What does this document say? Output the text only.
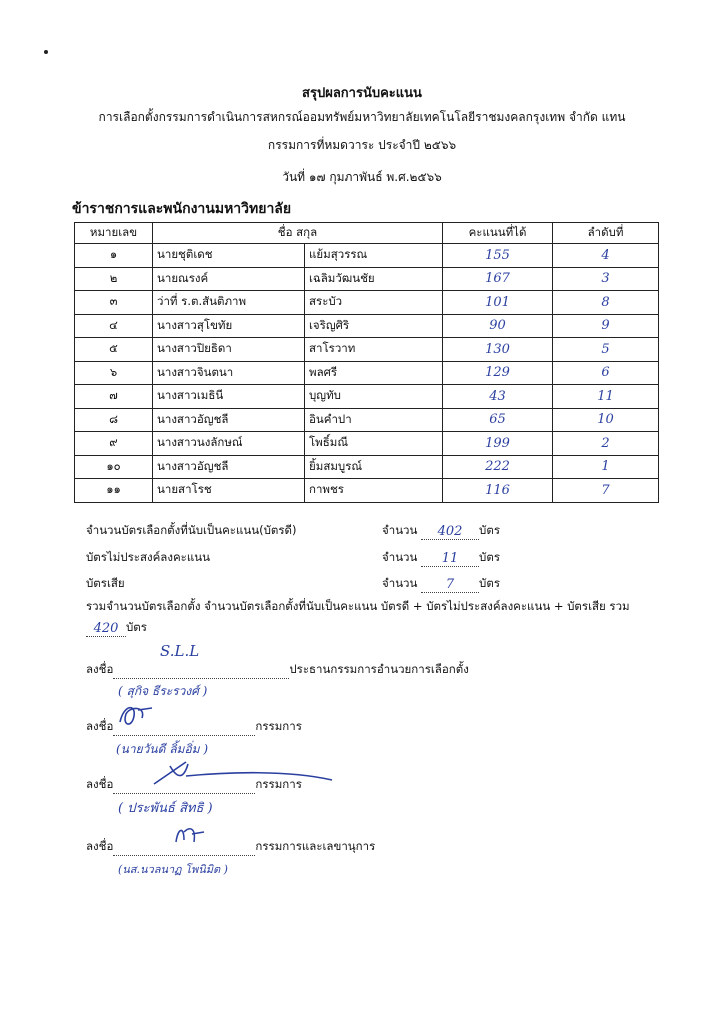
สรุปผลการนับคะแนน
การเลือกตั้งกรรมการดำเนินการสหกรณ์ออมทรัพย์มหาวิทยาลัยเทคโนโลยีราชมงคลกรุงเทพ จำกัด แทน
กรรมการที่หมดวาระ ประจำปี ๒๕๖๖
วันที่ ๑๗ กุมภาพันธ์ พ.ศ.๒๕๖๖
ข้าราชการและพนักงานมหาวิทยาลัย
หมายเลข	ชื่อ สกุล		คะแนนที่ได้	ลำดับที่
๑	นายชุติเดช	แย้มสุวรรณ	155	4
๒	นายณรงค์	เฉลิมวัฒนชัย	167	3
๓	ว่าที่ ร.ต.สันติภาพ	สระบัว	101	8
๔	นางสาวสุโขทัย	เจริญศิริ	90	9
๕	นางสาวปิยธิดา	สาโรวาท	130	5
๖	นางสาวจินตนา	พลศรี	129	6
๗	นางสาวเมธินี	บุญทับ	43	11
๘	นางสาวอัญชลี	อินคำปา	65	10
๙	นางสาวนงลักษณ์	โพธิ์มณี	199	2
๑๐	นางสาวอัญชลี	ยิ้มสมบูรณ์	222	1
๑๑	นายสาโรช	กาพชร	116	7
จำนวนบัตรเลือกตั้งที่นับเป็นคะแนน(บัตรดี)	จำนวน 402 บัตร
บัตรไม่ประสงค์ลงคะแนน	จำนวน 11 บัตร
บัตรเสีย	จำนวน 7 บัตร
รวมจำนวนบัตรเลือกตั้ง จำนวนบัตรเลือกตั้งที่นับเป็นคะแนน บัตรดี + บัตรไม่ประสงค์ลงคะแนน + บัตรเสีย รวม
420 บัตร
ลงชื่อ	ประธานกรรมการอำนวยการเลือกตั้ง
S.L.L
( สุกิจ ธีระรวงศ์ )
ลงชื่อ	กรรมการ
(นายวันดี ลิ้มอิ่ม )
ลงชื่อ	กรรมการ
( ประพันธ์ สิทธิ )
ลงชื่อ	กรรมการและเลขานุการ
(นส.นวลนาฏ โพนิมิต )
